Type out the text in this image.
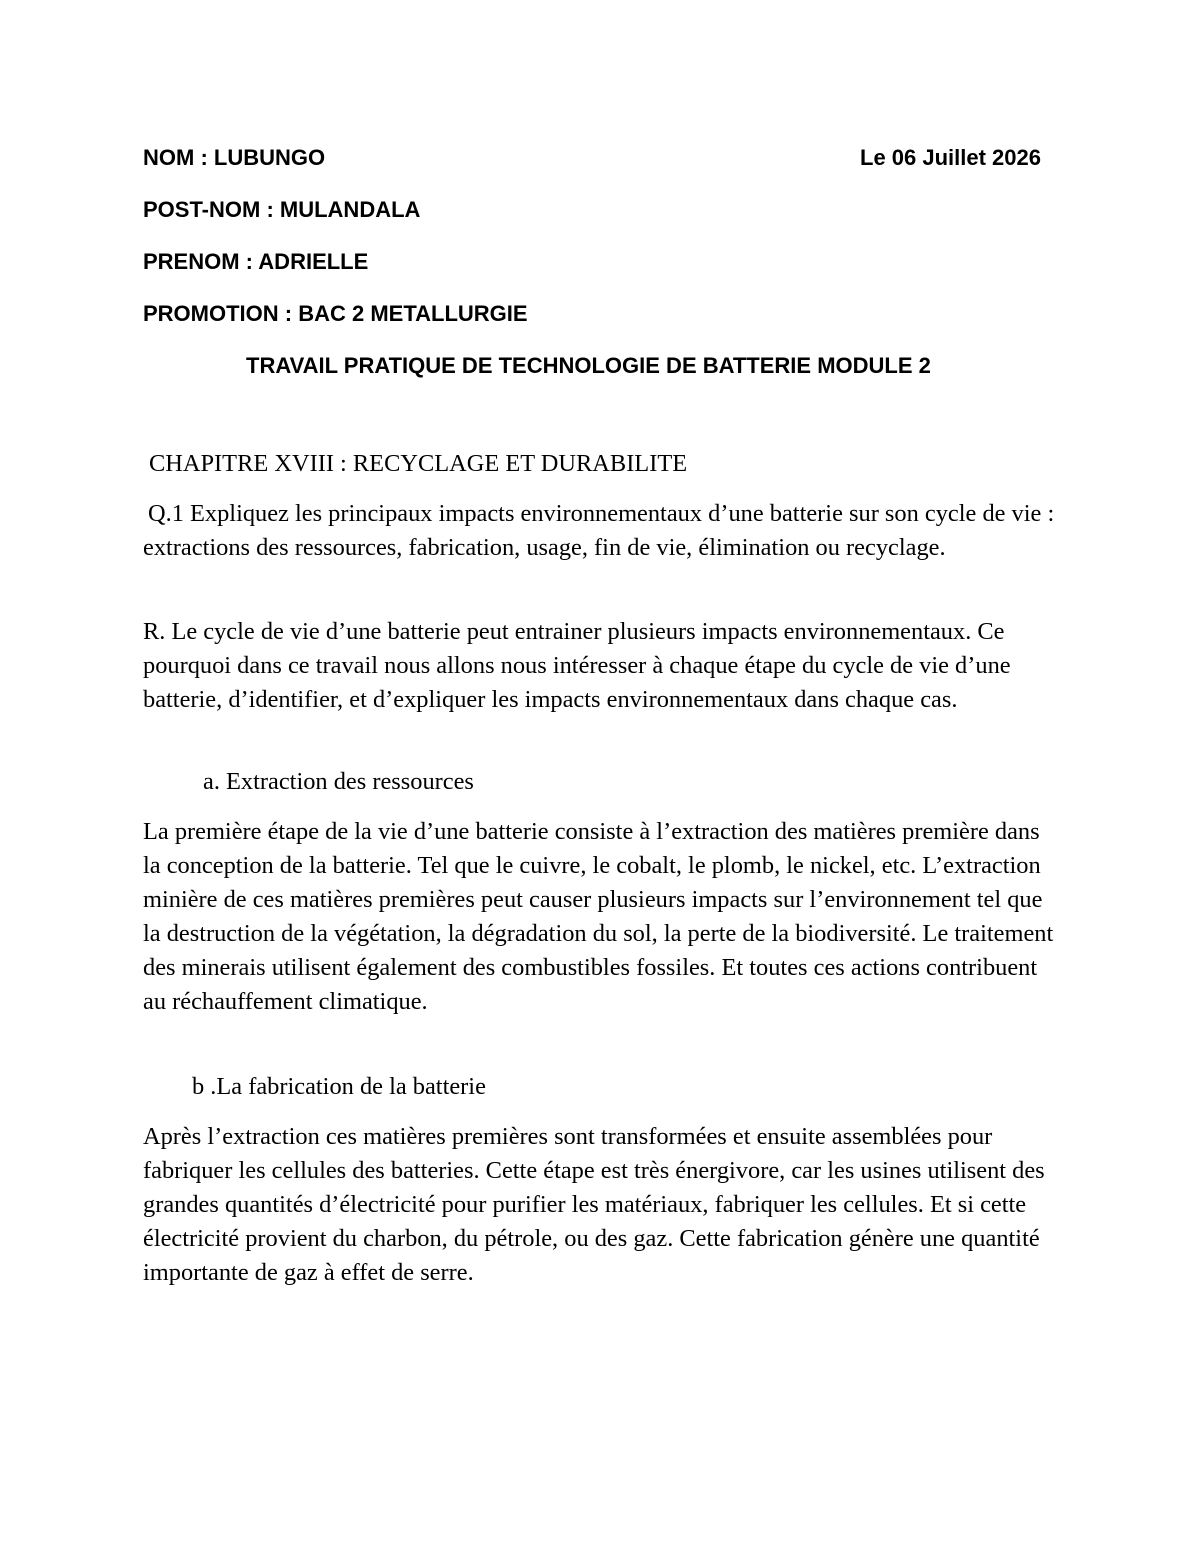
NOM : LUBUNGO	Le 06 Juillet 2026
POST-NOM : MULANDALA
PRENOM : ADRIELLE
PROMOTION : BAC 2 METALLURGIE
TRAVAIL PRATIQUE DE TECHNOLOGIE DE BATTERIE MODULE 2
CHAPITRE XVIII : RECYCLAGE ET DURABILITE
Q.1 Expliquez les principaux impacts environnementaux d’une batterie sur son cycle de vie : extractions des ressources, fabrication, usage, fin de vie, élimination ou recyclage.
R. Le cycle de vie d’une batterie peut entrainer plusieurs impacts environnementaux. Ce pourquoi dans ce travail nous allons nous intéresser à chaque étape du cycle de vie d’une batterie, d’identifier, et d’expliquer les impacts environnementaux dans chaque cas.
a. Extraction des ressources
La première étape de la vie d’une batterie consiste à l’extraction des matières première dans la conception de la batterie. Tel que le cuivre, le cobalt, le plomb, le nickel, etc. L’extraction minière de ces matières premières peut causer plusieurs impacts sur l’environnement tel que la destruction de la végétation, la dégradation du sol, la perte de la biodiversité. Le traitement des minerais utilisent également des combustibles fossiles. Et toutes ces actions contribuent au réchauffement climatique.
b .La fabrication de la batterie
Après l’extraction ces matières premières sont transformées et ensuite assemblées pour fabriquer les cellules des batteries. Cette étape est très énergivore, car les usines utilisent des grandes quantités d’électricité pour purifier les matériaux, fabriquer les cellules. Et si cette électricité provient du charbon, du pétrole, ou des gaz. Cette fabrication génère une quantité importante de gaz à effet de serre.
